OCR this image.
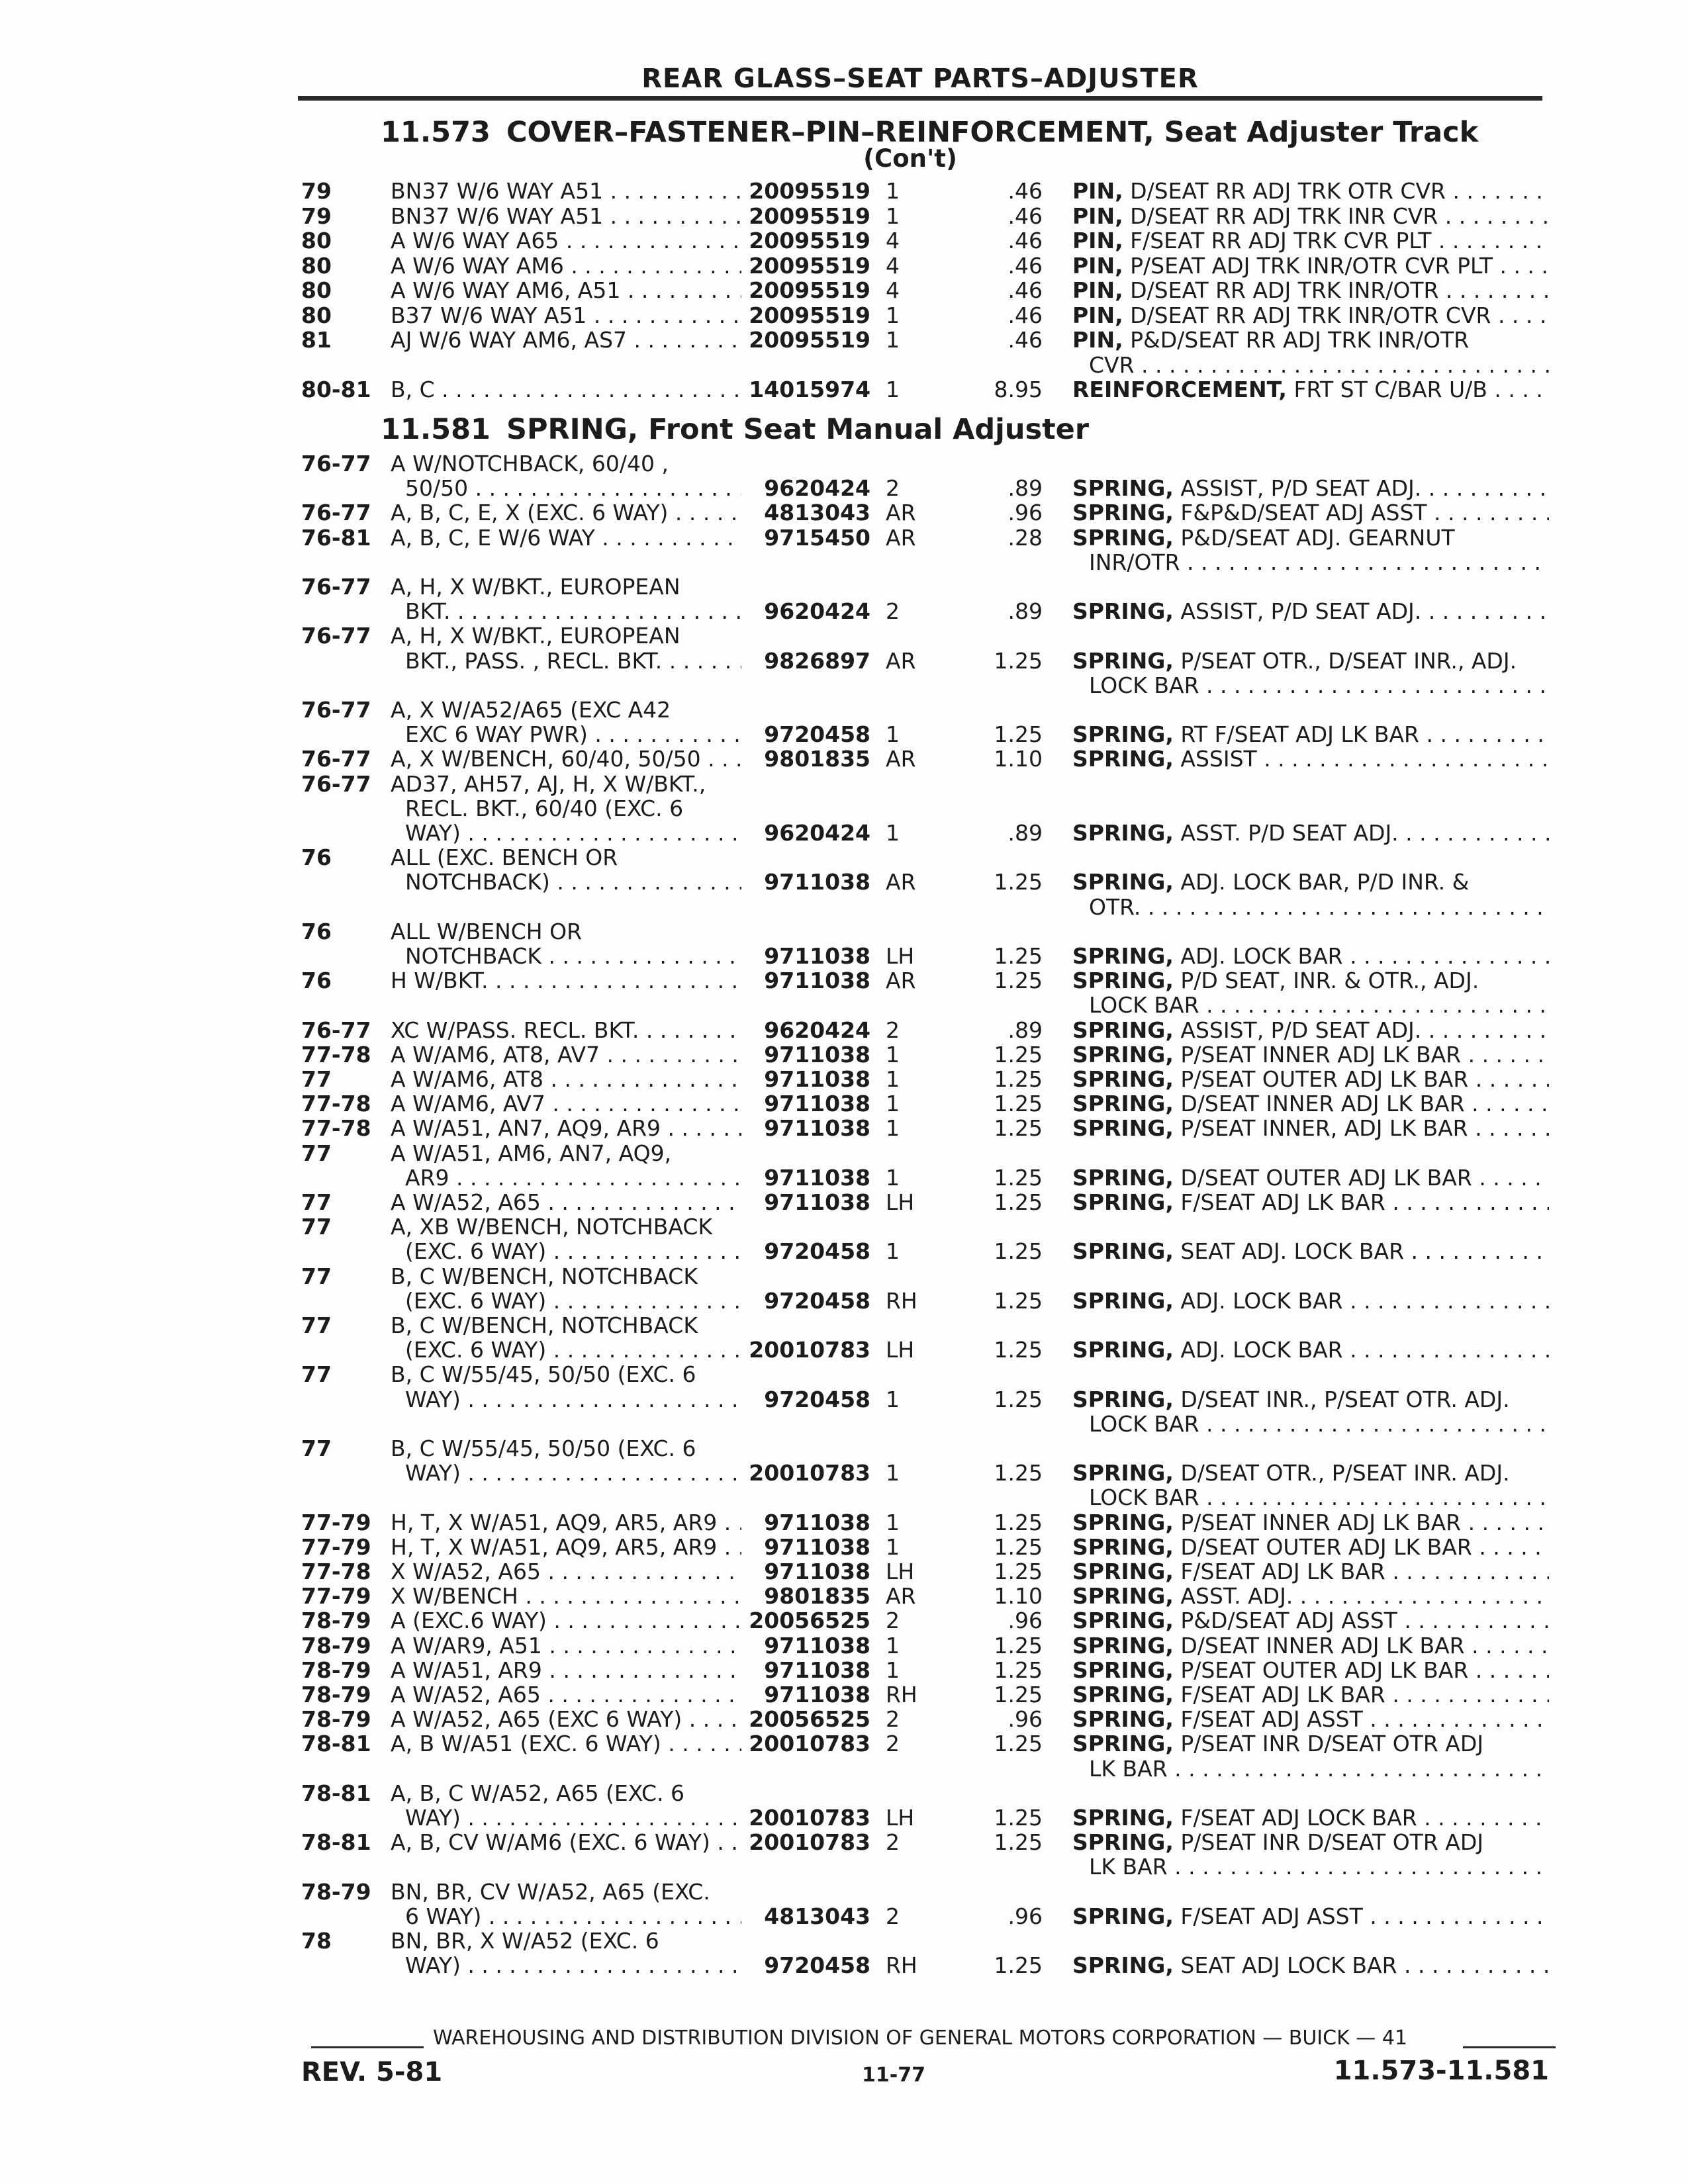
REAR GLASS–SEAT PARTS–ADJUSTER
11.573 COVER–FASTENER–PIN–REINFORCEMENT, Seat Adjuster Track
(Con't)
79	BN37 W/6 WAY A51 . . .	20095519 1	.46 PIN, D/SEAT RR ADJ TRK OTR CVR . . .
79	BN37 W/6 WAY A51 . . .	20095519 1	.46 PIN, D/SEAT RR ADJ TRK INR CVR . . .
80	A W/6 WAY A65 . . .	20095519 4	.46 PIN, F/SEAT RR ADJ TRK CVR PLT . . .
80	A W/6 WAY AM6 . . .	20095519 4	.46 PIN, P/SEAT ADJ TRK INR/OTR CVR PLT . . .
80	A W/6 WAY AM6, A51 . . .	20095519 4	.46 PIN, D/SEAT RR ADJ TRK INR/OTR . . .
80	B37 W/6 WAY A51 . . .	20095519 1	.46 PIN, D/SEAT RR ADJ TRK INR/OTR CVR . . .
81	AJ W/6 WAY AM6, AS7 . . .	20095519 1	.46 PIN, P&D/SEAT RR ADJ TRK INR/OTR
CVR . . .
80-81 B, C . . .	14015974 1	8.95 REINFORCEMENT, FRT ST C/BAR U/B . . .
11.581 SPRING, Front Seat Manual Adjuster
76-77 A W/NOTCHBACK, 60/40 ,
50/50 . . .	9620424 2	.89 SPRING, ASSIST, P/D SEAT ADJ. . . .
76-77 A, B, C, E, X (EXC. 6 WAY) . . .	4813043 AR	.96 SPRING, F&P&D/SEAT ADJ ASST . . .
76-81 A, B, C, E W/6 WAY . . .	9715450 AR	.28 SPRING, P&D/SEAT ADJ. GEARNUT
INR/OTR . . .
76-77 A, H, X W/BKT., EUROPEAN
BKT. . . .	9620424 2	.89 SPRING, ASSIST, P/D SEAT ADJ. . . .
76-77 A, H, X W/BKT., EUROPEAN
BKT., PASS. , RECL. BKT. . . .	9826897 AR	1.25 SPRING, P/SEAT OTR., D/SEAT INR., ADJ.
LOCK BAR . . .
76-77 A, X W/A52/A65 (EXC A42
EXC 6 WAY PWR) . . .	9720458 1	1.25 SPRING, RT F/SEAT ADJ LK BAR . . .
76-77 A, X W/BENCH, 60/40, 50/50 . . . .	9801835 AR	1.10 SPRING, ASSIST . . .
76-77 AD37, AH57, AJ, H, X W/BKT.,
RECL. BKT., 60/40 (EXC. 6
WAY) . . .	9620424 1	.89 SPRING, ASST. P/D SEAT ADJ. . . .
76	ALL (EXC. BENCH OR
NOTCHBACK) . . .	9711038 AR	1.25 SPRING, ADJ. LOCK BAR, P/D INR. &
OTR. . . .
76	ALL W/BENCH OR
NOTCHBACK . . .	9711038 LH	1.25 SPRING, ADJ. LOCK BAR . . .
76	H W/BKT. . . .	9711038 AR	1.25 SPRING, P/D SEAT, INR. & OTR., ADJ.
LOCK BAR . . .
76-77 XC W/PASS. RECL. BKT. . . .	9620424 2	.89 SPRING, ASSIST, P/D SEAT ADJ. . . .
77-78 A W/AM6, AT8, AV7 . . .	9711038 1	1.25 SPRING, P/SEAT INNER ADJ LK BAR . . .
77	A W/AM6, AT8 . . .	9711038 1	1.25 SPRING, P/SEAT OUTER ADJ LK BAR . . .
77-78 A W/AM6, AV7 . . .	9711038 1	1.25 SPRING, D/SEAT INNER ADJ LK BAR . . .
77-78 A W/A51, AN7, AQ9, AR9 . . .	9711038 1	1.25 SPRING, P/SEAT INNER, ADJ LK BAR . . .
77	A W/A51, AM6, AN7, AQ9,
AR9 . . .	9711038 1	1.25 SPRING, D/SEAT OUTER ADJ LK BAR . . .
77	A W/A52, A65 . . .	9711038 LH	1.25 SPRING, F/SEAT ADJ LK BAR . . .
77	A, XB W/BENCH, NOTCHBACK
(EXC. 6 WAY) . . .	9720458 1	1.25 SPRING, SEAT ADJ. LOCK BAR . . .
77	B, C W/BENCH, NOTCHBACK
(EXC. 6 WAY) . . .	9720458 RH	1.25 SPRING, ADJ. LOCK BAR . . .
77	B, C W/BENCH, NOTCHBACK
(EXC. 6 WAY) . . .	20010783 LH	1.25 SPRING, ADJ. LOCK BAR . . .
77	B, C W/55/45, 50/50 (EXC. 6
WAY) . . .	9720458 1	1.25 SPRING, D/SEAT INR., P/SEAT OTR. ADJ.
LOCK BAR . . .
77	B, C W/55/45, 50/50 (EXC. 6
WAY) . . .	20010783 1	1.25 SPRING, D/SEAT OTR., P/SEAT INR. ADJ.
LOCK BAR . . .
77-79 H, T, X W/A51, AQ9, AR5, AR9 . . .	9711038 1	1.25 SPRING, P/SEAT INNER ADJ LK BAR . . .
77-79 H, T, X W/A51, AQ9, AR5, AR9 . . .	9711038 1	1.25 SPRING, D/SEAT OUTER ADJ LK BAR . . .
77-78 X W/A52, A65 . . .	9711038 LH	1.25 SPRING, F/SEAT ADJ LK BAR . . .
77-79 X W/BENCH . . .	9801835 AR	1.10 SPRING, ASST. ADJ. . . .
78-79 A (EXC.6 WAY) . . .	20056525 2	.96 SPRING, P&D/SEAT ADJ ASST . . .
78-79 A W/AR9, A51 . . .	9711038 1	1.25 SPRING, D/SEAT INNER ADJ LK BAR . . .
78-79 A W/A51, AR9 . . .	9711038 1	1.25 SPRING, P/SEAT OUTER ADJ LK BAR . . .
78-79 A W/A52, A65 . . .	9711038 RH	1.25 SPRING, F/SEAT ADJ LK BAR . . .
78-79 A W/A52, A65 (EXC 6 WAY) . . . . .	20056525 2	.96 SPRING, F/SEAT ADJ ASST . . .
78-81 A, B W/A51 (EXC. 6 WAY) . . . . . . .	20010783 2	1.25 SPRING, P/SEAT INR D/SEAT OTR ADJ
LK BAR . . .
78-81 A, B, C W/A52, A65 (EXC. 6
WAY) . . .	20010783 LH	1.25 SPRING, F/SEAT ADJ LOCK BAR . . .
78-81 A, B, CV W/AM6 (EXC. 6 WAY) . . .	20010783 2	1.25 SPRING, P/SEAT INR D/SEAT OTR ADJ
LK BAR . . .
78-79 BN, BR, CV W/A52, A65 (EXC.
6 WAY) . . .	4813043 2	.96 SPRING, F/SEAT ADJ ASST . . .
78	BN, BR, X W/A52 (EXC. 6
WAY) . . .	9720458 RH	1.25 SPRING, SEAT ADJ LOCK BAR . . .
WAREHOUSING AND DISTRIBUTION DIVISION OF GENERAL MOTORS CORPORATION — BUICK — 41
REV. 5-81	11-77	11.573-11.581
